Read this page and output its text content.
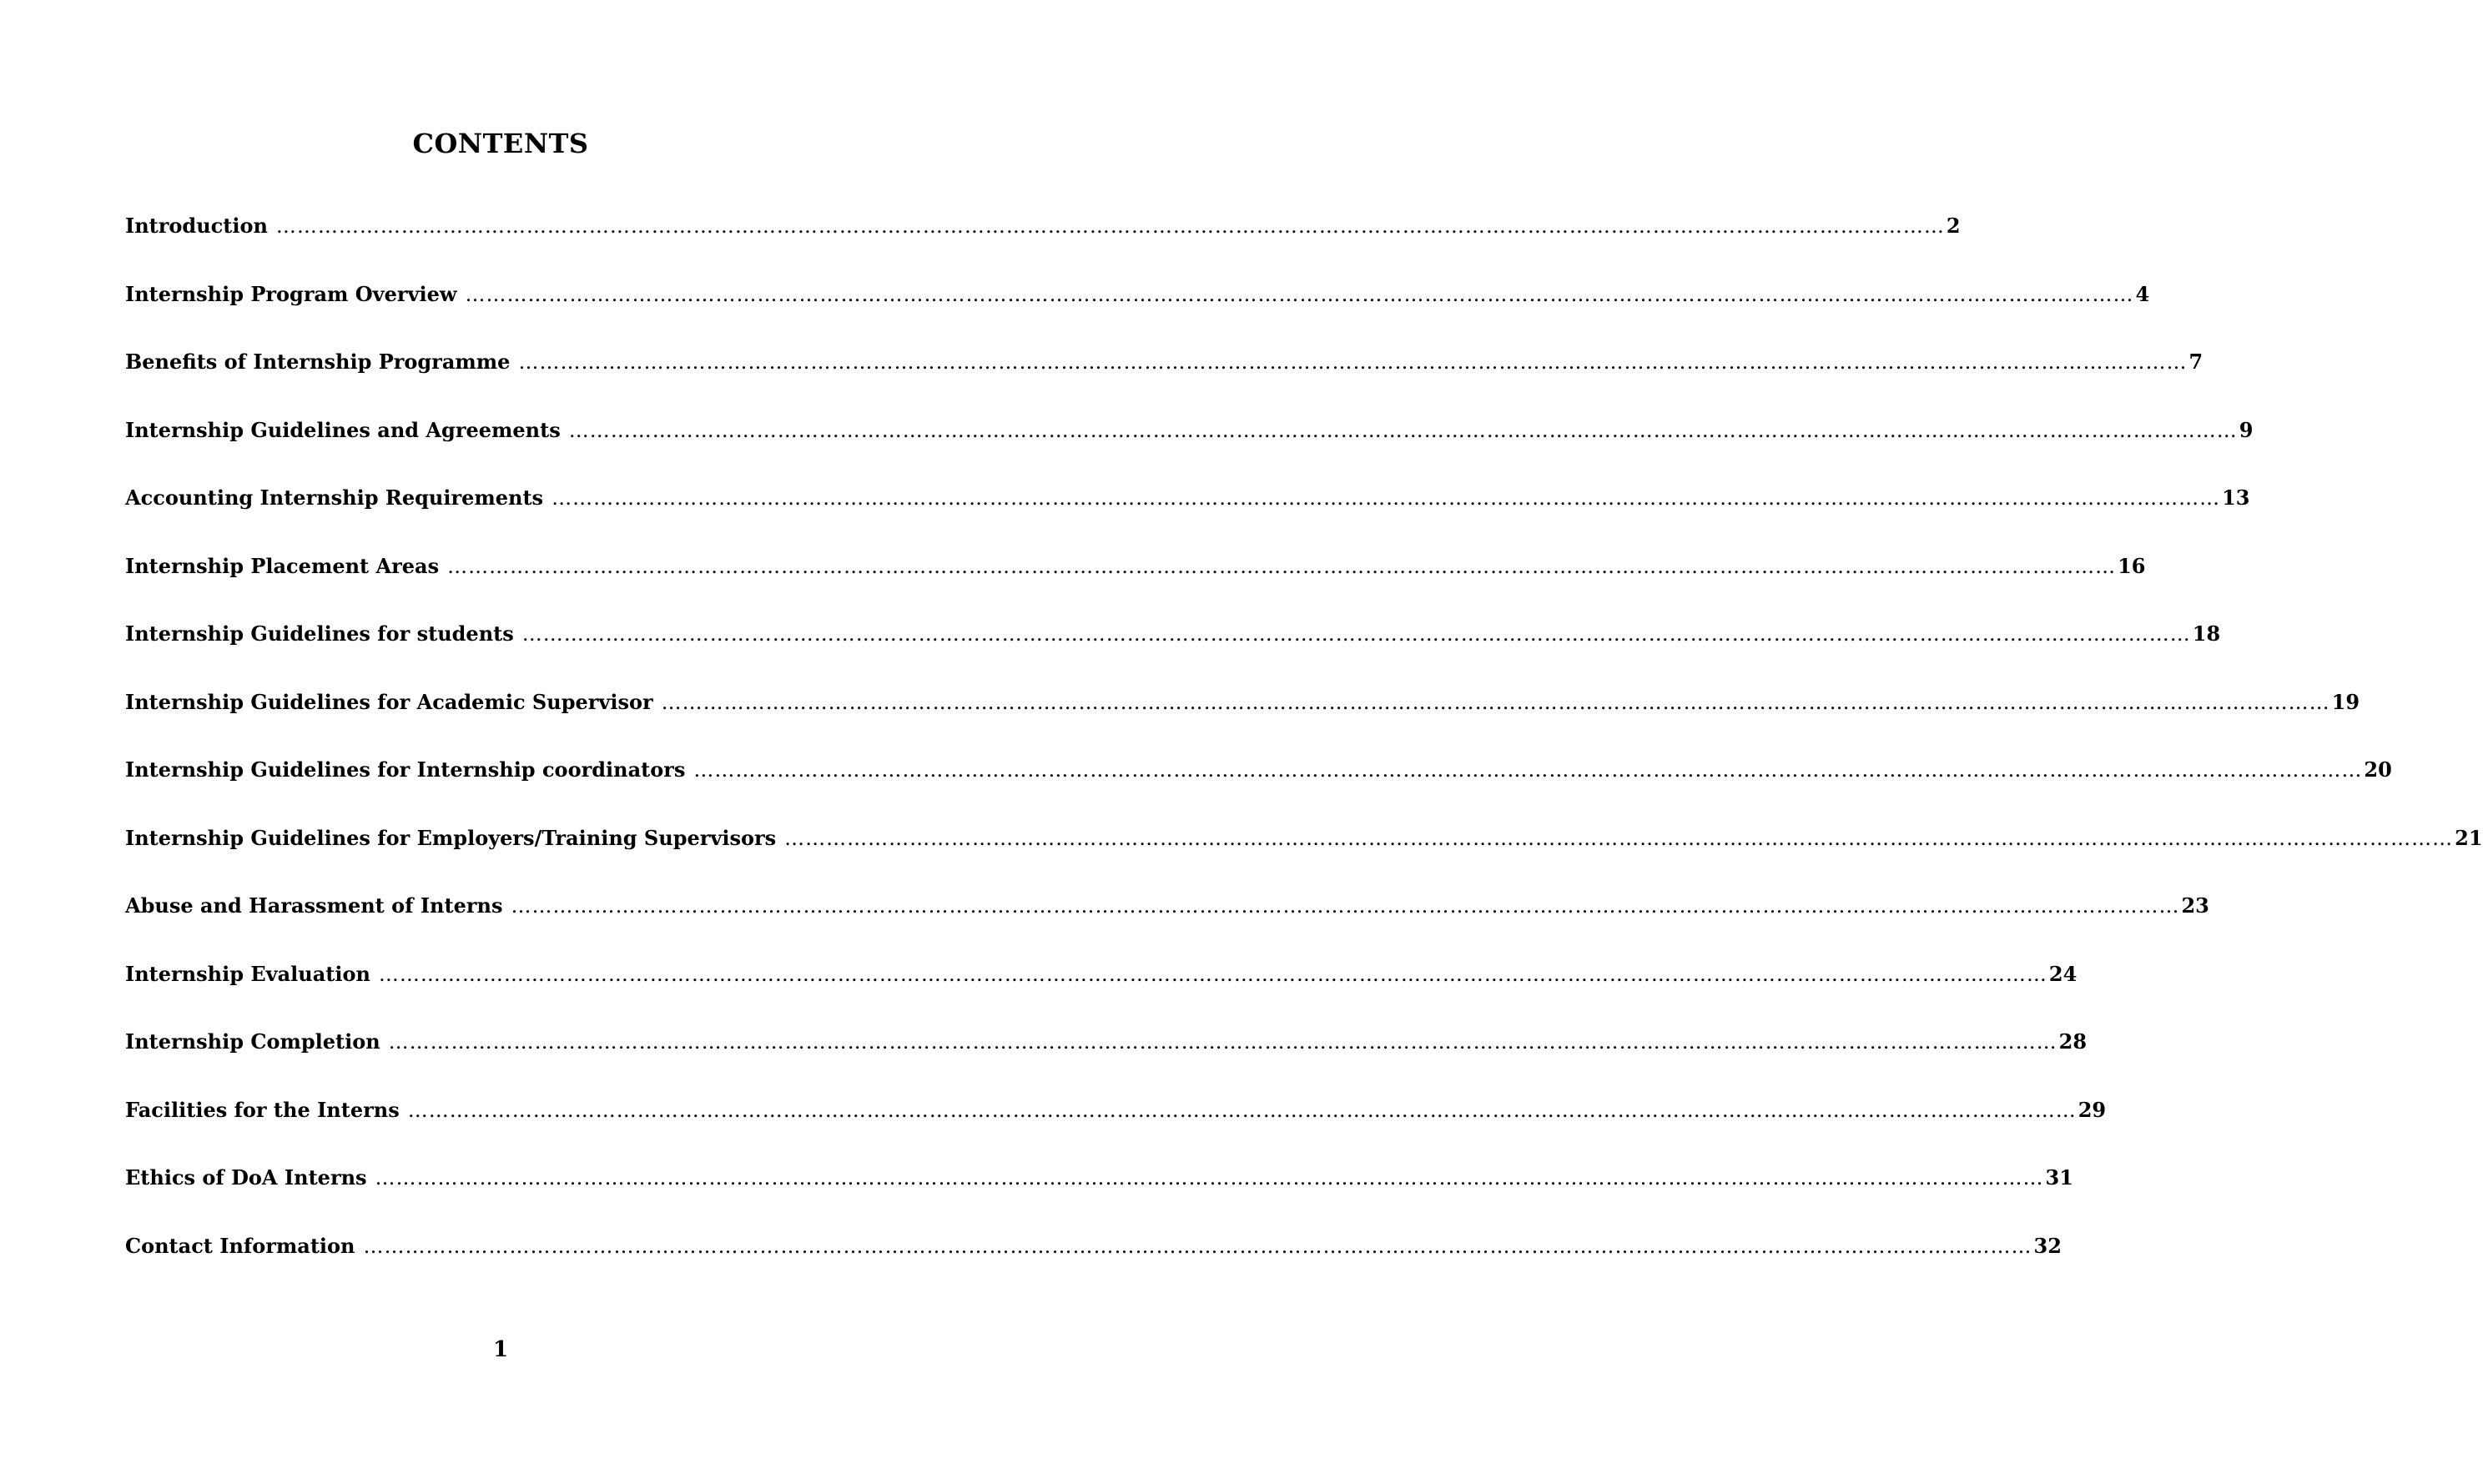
CONTENTS
Introduction …………………………………………………………………………………………………………………………………………………………………………………………………………………… 2
Internship Program Overview …………………………………………………………………………………………………………………………………………………………………………………………………………………… 4
Benefits of Internship Programme …………………………………………………………………………………………………………………………………………………………………………………………………………………… 7
Internship Guidelines and Agreements …………………………………………………………………………………………………………………………………………………………………………………………………………………… 9
Accounting Internship Requirements …………………………………………………………………………………………………………………………………………………………………………………………………………………… 13
Internship Placement Areas …………………………………………………………………………………………………………………………………………………………………………………………………………………… 16
Internship Guidelines for students …………………………………………………………………………………………………………………………………………………………………………………………………………………… 18
Internship Guidelines for Academic Supervisor …………………………………………………………………………………………………………………………………………………………………………………………………………………… 19
Internship Guidelines for Internship coordinators …………………………………………………………………………………………………………………………………………………………………………………………………………………… 20
Internship Guidelines for Employers/Training Supervisors …………………………………………………………………………………………………………………………………………………………………………………………………………………… 21
Abuse and Harassment of Interns …………………………………………………………………………………………………………………………………………………………………………………………………………………… 23
Internship Evaluation …………………………………………………………………………………………………………………………………………………………………………………………………………………… 24
Internship Completion …………………………………………………………………………………………………………………………………………………………………………………………………………………… 28
Facilities for the Interns …………………………………………………………………………………………………………………………………………………………………………………………………………………… 29
Ethics of DoA Interns …………………………………………………………………………………………………………………………………………………………………………………………………………………… 31
Contact Information …………………………………………………………………………………………………………………………………………………………………………………………………………………… 32
1
